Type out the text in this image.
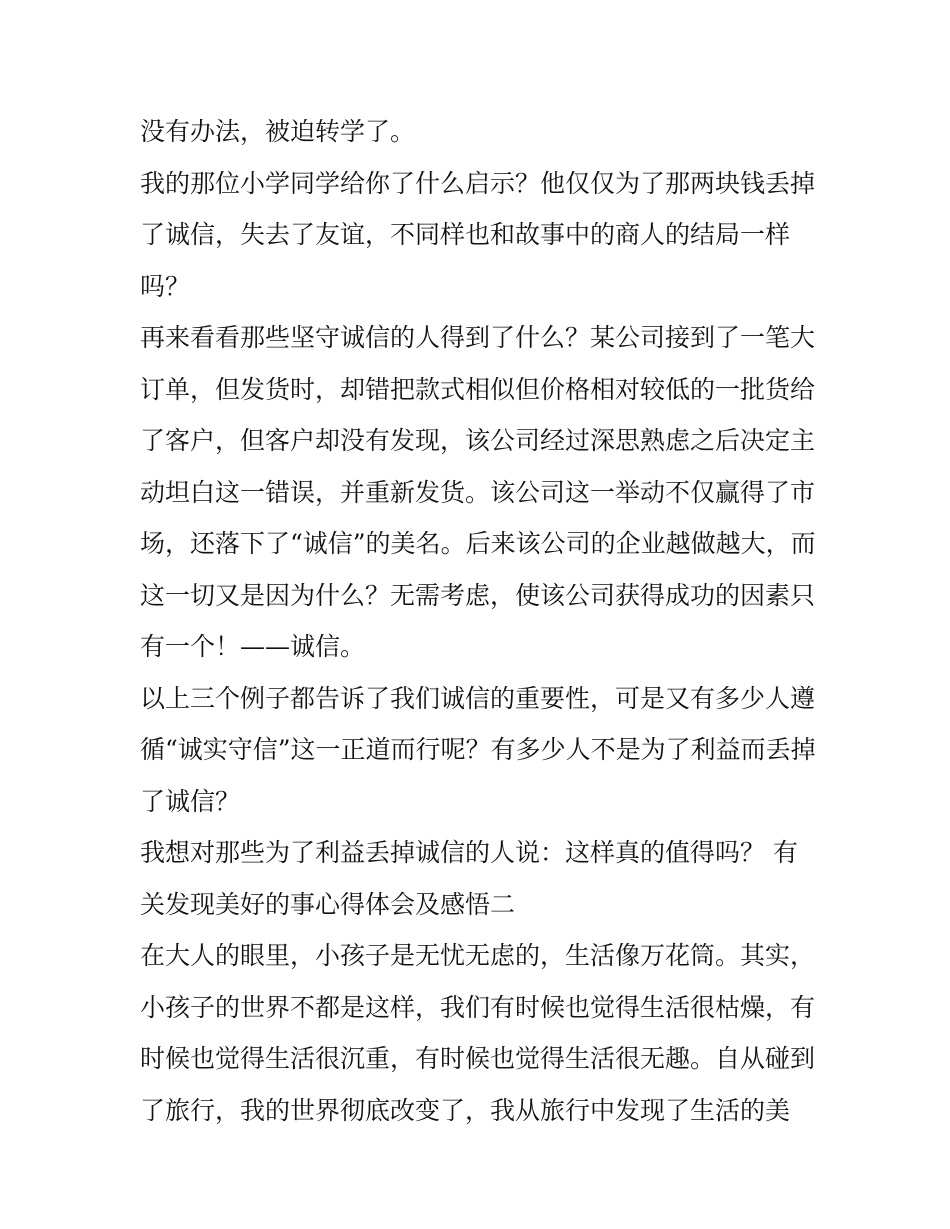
没有办法，被迫转学了。
我的那位小学同学给你了什么启示？他仅仅为了那两块钱丢掉
了诚信，失去了友谊，不同样也和故事中的商人的结局一样
吗？
再来看看那些坚守诚信的人得到了什么？某公司接到了一笔大
订单，但发货时，却错把款式相似但价格相对较低的一批货给
了客户，但客户却没有发现，该公司经过深思熟虑之后决定主
动坦白这一错误，并重新发货。该公司这一举动不仅赢得了市
场，还落下了“诚信”的美名。后来该公司的企业越做越大，而
这一切又是因为什么？无需考虑，使该公司获得成功的因素只
有一个！——诚信。
以上三个例子都告诉了我们诚信的重要性，可是又有多少人遵
循“诚实守信”这一正道而行呢？有多少人不是为了利益而丢掉
了诚信？
我想对那些为了利益丢掉诚信的人说：这样真的值得吗？ 有
关发现美好的事心得体会及感悟二
在大人的眼里，小孩子是无忧无虑的，生活像万花筒。其实，
小孩子的世界不都是这样，我们有时候也觉得生活很枯燥，有
时候也觉得生活很沉重，有时候也觉得生活很无趣。自从碰到
了旅行，我的世界彻底改变了，我从旅行中发现了生活的美
